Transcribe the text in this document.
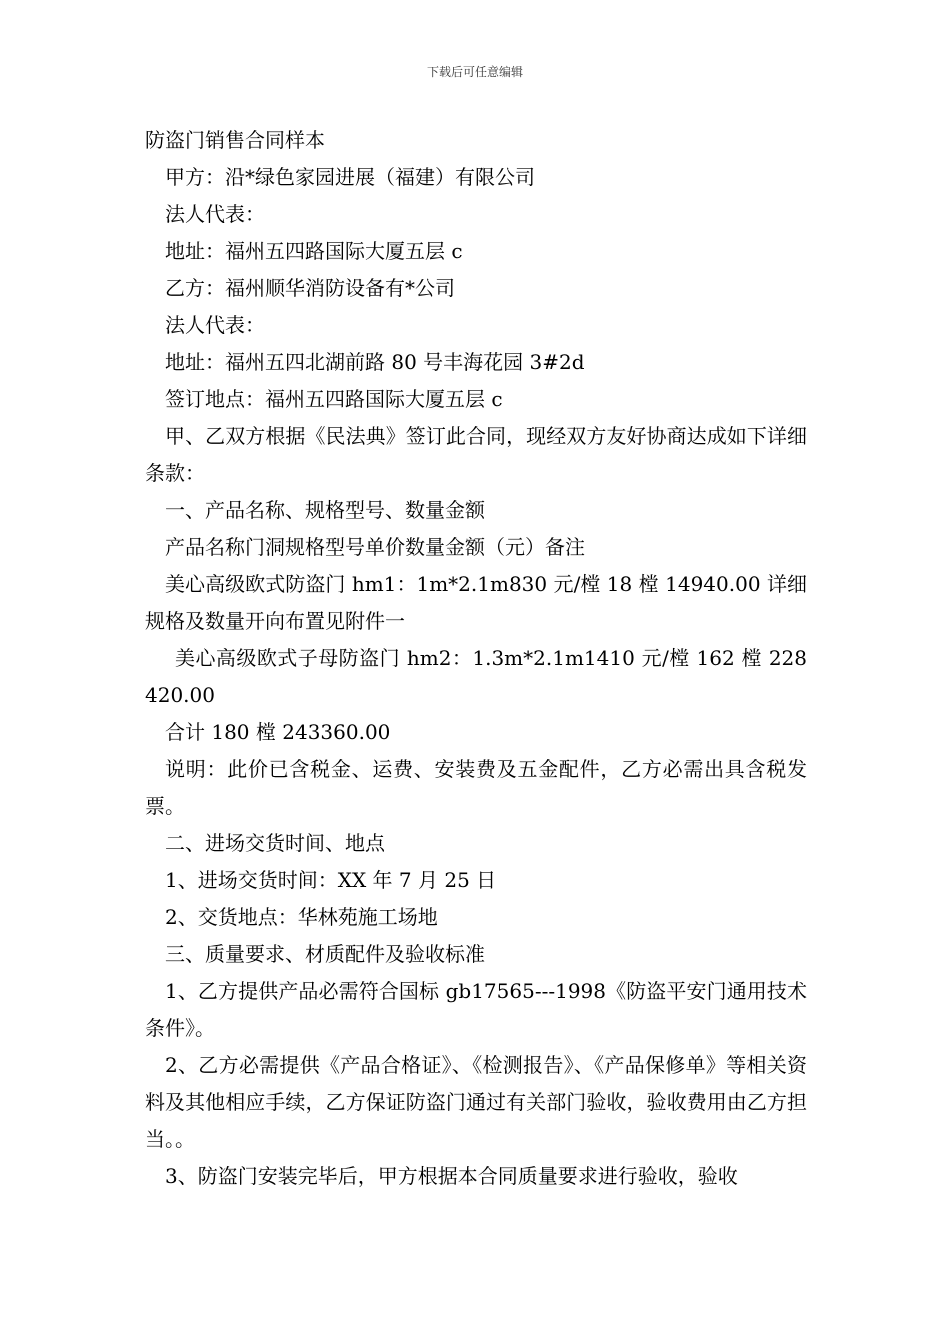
下载后可任意编辑

防盗门销售合同样本

甲方：沿*绿色家园进展（福建）有限公司

法人代表：

地址：福州五四路国际大厦五层 c

乙方：福州顺华消防设备有*公司

法人代表：

地址：福州五四北湖前路 80 号丰海花园 3#2d

签订地点：福州五四路国际大厦五层 c

甲、乙双方根据《民法典》签订此合同，现经双方友好协商达成如下详细条款：

一、产品名称、规格型号、数量金额

产品名称门洞规格型号单价数量金额（元）备注

美心高级欧式防盗门 hm1：1m*2.1m830 元/樘 18 樘 14940.00 详细规格及数量开向布置见附件一

美心高级欧式子母防盗门 hm2：1.3m*2.1m1410 元/樘 162 樘 228420.00

合计 180 樘 243360.00

说明：此价已含税金、运费、安装费及五金配件，乙方必需出具含税发票。

二、进场交货时间、地点

1、进场交货时间：XX 年 7 月 25 日

2、交货地点：华林苑施工场地

三、质量要求、材质配件及验收标准

1、乙方提供产品必需符合国标 gb17565---1998《防盗平安门通用技术条件》。

2、乙方必需提供《产品合格证》、《检测报告》、《产品保修单》等相关资料及其他相应手续，乙方保证防盗门通过有关部门验收，验收费用由乙方担当。。

3、防盗门安装完毕后，甲方根据本合同质量要求进行验收，验收
